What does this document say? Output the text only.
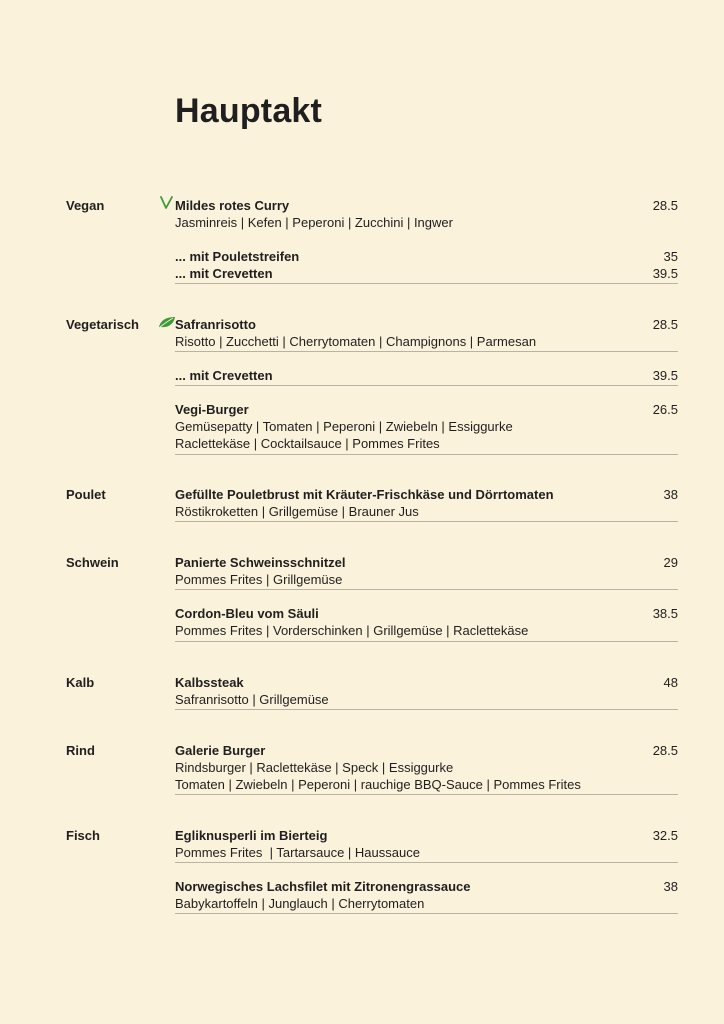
Hauptakt
Vegan	Mildes rotes Curry	28.5
Jasminreis | Kefen | Peperoni | Zucchini | Ingwer
... mit Pouletstreifen	35
... mit Crevetten	39.5
Vegetarisch	Safranrisotto	28.5
Risotto | Zucchetti | Cherrytomaten | Champignons | Parmesan
... mit Crevetten	39.5
Vegi-Burger	26.5
Gemüsepatty | Tomaten | Peperoni | Zwiebeln | Essiggurke
Raclettekäse | Cocktailsauce | Pommes Frites
Poulet	Gefüllte Pouletbrust mit Kräuter-Frischkäse und Dörrtomaten	38
Röstikroketten | Grillgemüse | Brauner Jus
Schwein	Panierte Schweinsschnitzel	29
Pommes Frites | Grillgemüse
Cordon-Bleu vom Säuli	38.5
Pommes Frites | Vorderschinken | Grillgemüse | Raclettekäse
Kalb	Kalbssteak	48
Safranrisotto | Grillgemüse
Rind	Galerie Burger	28.5
Rindsburger | Raclettekäse | Speck | Essiggurke
Tomaten | Zwiebeln | Peperoni | rauchige BBQ-Sauce | Pommes Frites
Fisch	Egliknusperli im Bierteig	32.5
Pommes Frites  | Tartarsauce | Haussauce
Norwegisches Lachsfilet mit Zitronengrassauce	38
Babykartoffeln | Junglauch | Cherrytomaten
